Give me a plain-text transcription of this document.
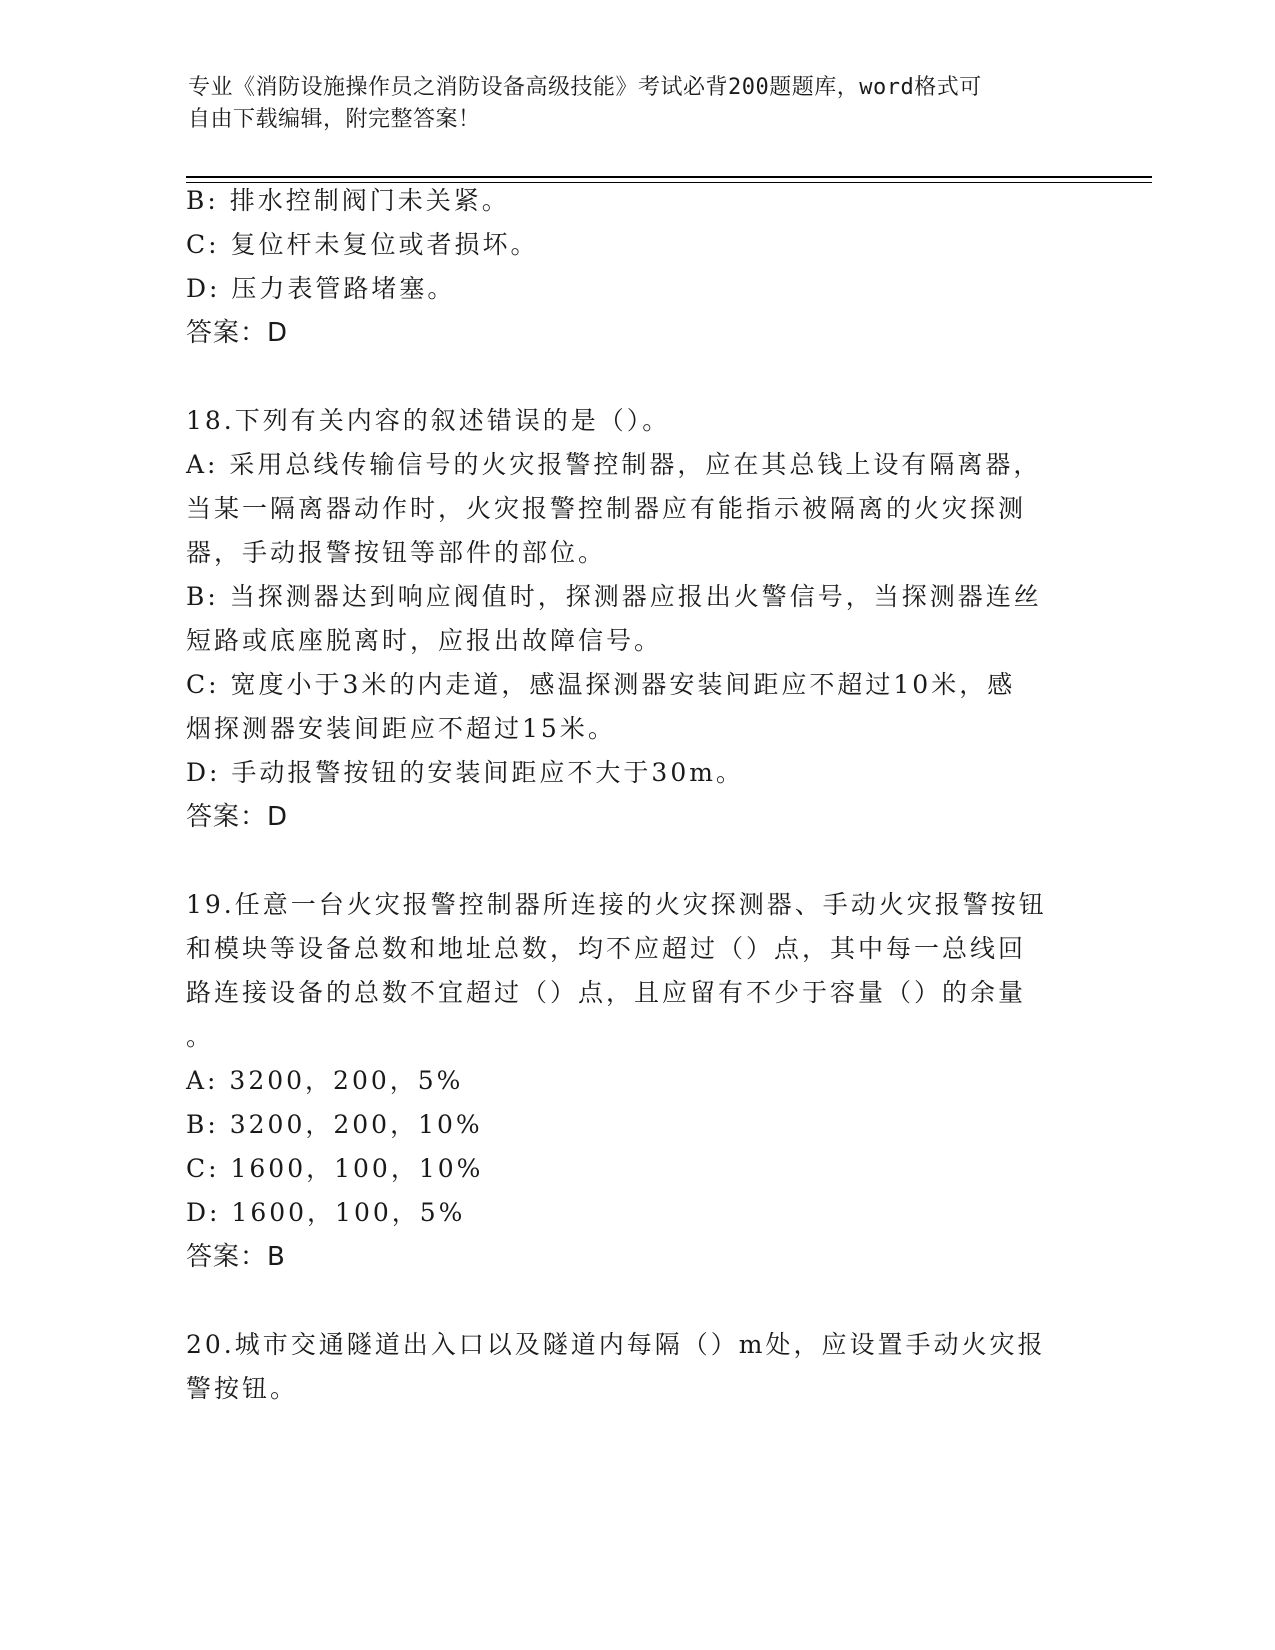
专业《消防设施操作员之消防设备高级技能》考试必背200题题库，word格式可
自由下载编辑，附完整答案！
B: 排水控制阀门未关紧。
C: 复位杆未复位或者损坏。
D: 压力表管路堵塞。
答案：D
18.下列有关内容的叙述错误的是（）。
A: 采用总线传输信号的火灾报警控制器，应在其总钱上设有隔离器，
当某一隔离器动作时，火灾报警控制器应有能指示被隔离的火灾探测
器，手动报警按钮等部件的部位。
B: 当探测器达到响应阀值时，探测器应报出火警信号，当探测器连丝
短路或底座脱离时，应报出故障信号。
C: 宽度小于3米的内走道，感温探测器安装间距应不超过10米，感
烟探测器安装间距应不超过15米。
D: 手动报警按钮的安装间距应不大于30m。
答案：D
19.任意一台火灾报警控制器所连接的火灾探测器、手动火灾报警按钮
和模块等设备总数和地址总数，均不应超过（）点，其中每一总线回
路连接设备的总数不宜超过（）点，且应留有不少于容量（）的余量
。
A: 3200，200，5%
B: 3200，200，10%
C: 1600，100，10%
D: 1600，100，5%
答案：B
20.城市交通隧道出入口以及隧道内每隔（）m处，应设置手动火灾报
警按钮。
